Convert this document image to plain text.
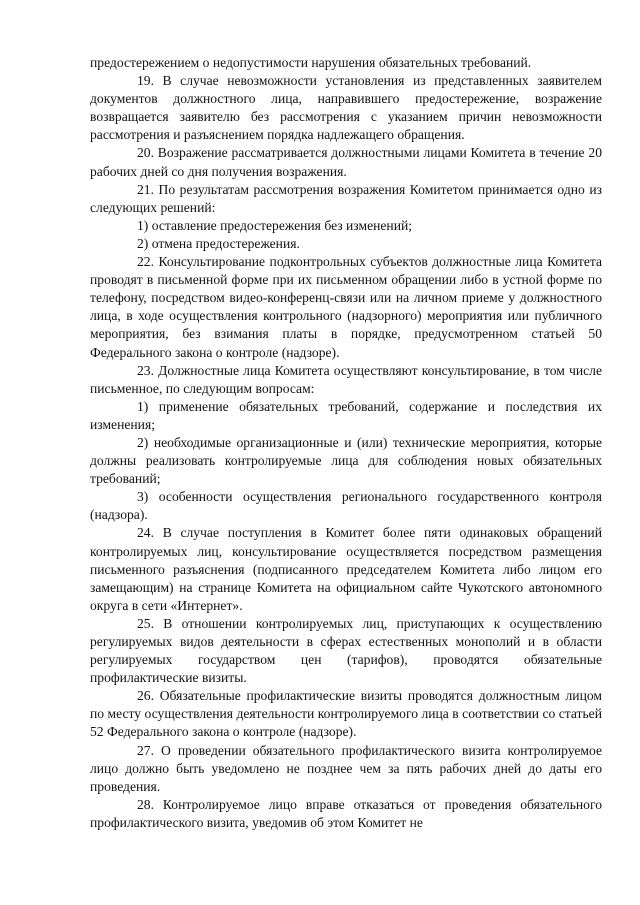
предостережением о недопустимости нарушения обязательных требований.

19. В случае невозможности установления из представленных заявителем документов должностного лица, направившего предостережение, возражение возвращается заявителю без рассмотрения с указанием причин невозможности рассмотрения и разъяснением порядка надлежащего обращения.

20. Возражение рассматривается должностными лицами Комитета в течение 20 рабочих дней со дня получения возражения.

21. По результатам рассмотрения возражения Комитетом принимается одно из следующих решений:

1) оставление предостережения без изменений;

2) отмена предостережения.

22. Консультирование подконтрольных субъектов должностные лица Комитета проводят в письменной форме при их письменном обращении либо в устной форме по телефону, посредством видео-конференц-связи или на личном приеме у должностного лица, в ходе осуществления контрольного (надзорного) мероприятия или публичного мероприятия, без взимания платы в порядке, предусмотренном статьей 50 Федерального закона о контроле (надзоре).

23. Должностные лица Комитета осуществляют консультирование, в том числе письменное, по следующим вопросам:

1) применение обязательных требований, содержание и последствия их изменения;

2) необходимые организационные и (или) технические мероприятия, которые должны реализовать контролируемые лица для соблюдения новых обязательных требований;

3) особенности осуществления регионального государственного контроля (надзора).

24. В случае поступления в Комитет более пяти одинаковых обращений контролируемых лиц, консультирование осуществляется посредством размещения письменного разъяснения (подписанного председателем Комитета либо лицом его замещающим) на странице Комитета на официальном сайте Чукотского автономного округа в сети «Интернет».

25. В отношении контролируемых лиц, приступающих к осуществлению регулируемых видов деятельности в сферах естественных монополий и в области регулируемых государством цен (тарифов), проводятся обязательные профилактические визиты.

26. Обязательные профилактические визиты проводятся должностным лицом по месту осуществления деятельности контролируемого лица в соответствии со статьей 52 Федерального закона о контроле (надзоре).

27. О проведении обязательного профилактического визита контролируемое лицо должно быть уведомлено не позднее чем за пять рабочих дней до даты его проведения.

28. Контролируемое лицо вправе отказаться от проведения обязательного профилактического визита, уведомив об этом Комитет не
